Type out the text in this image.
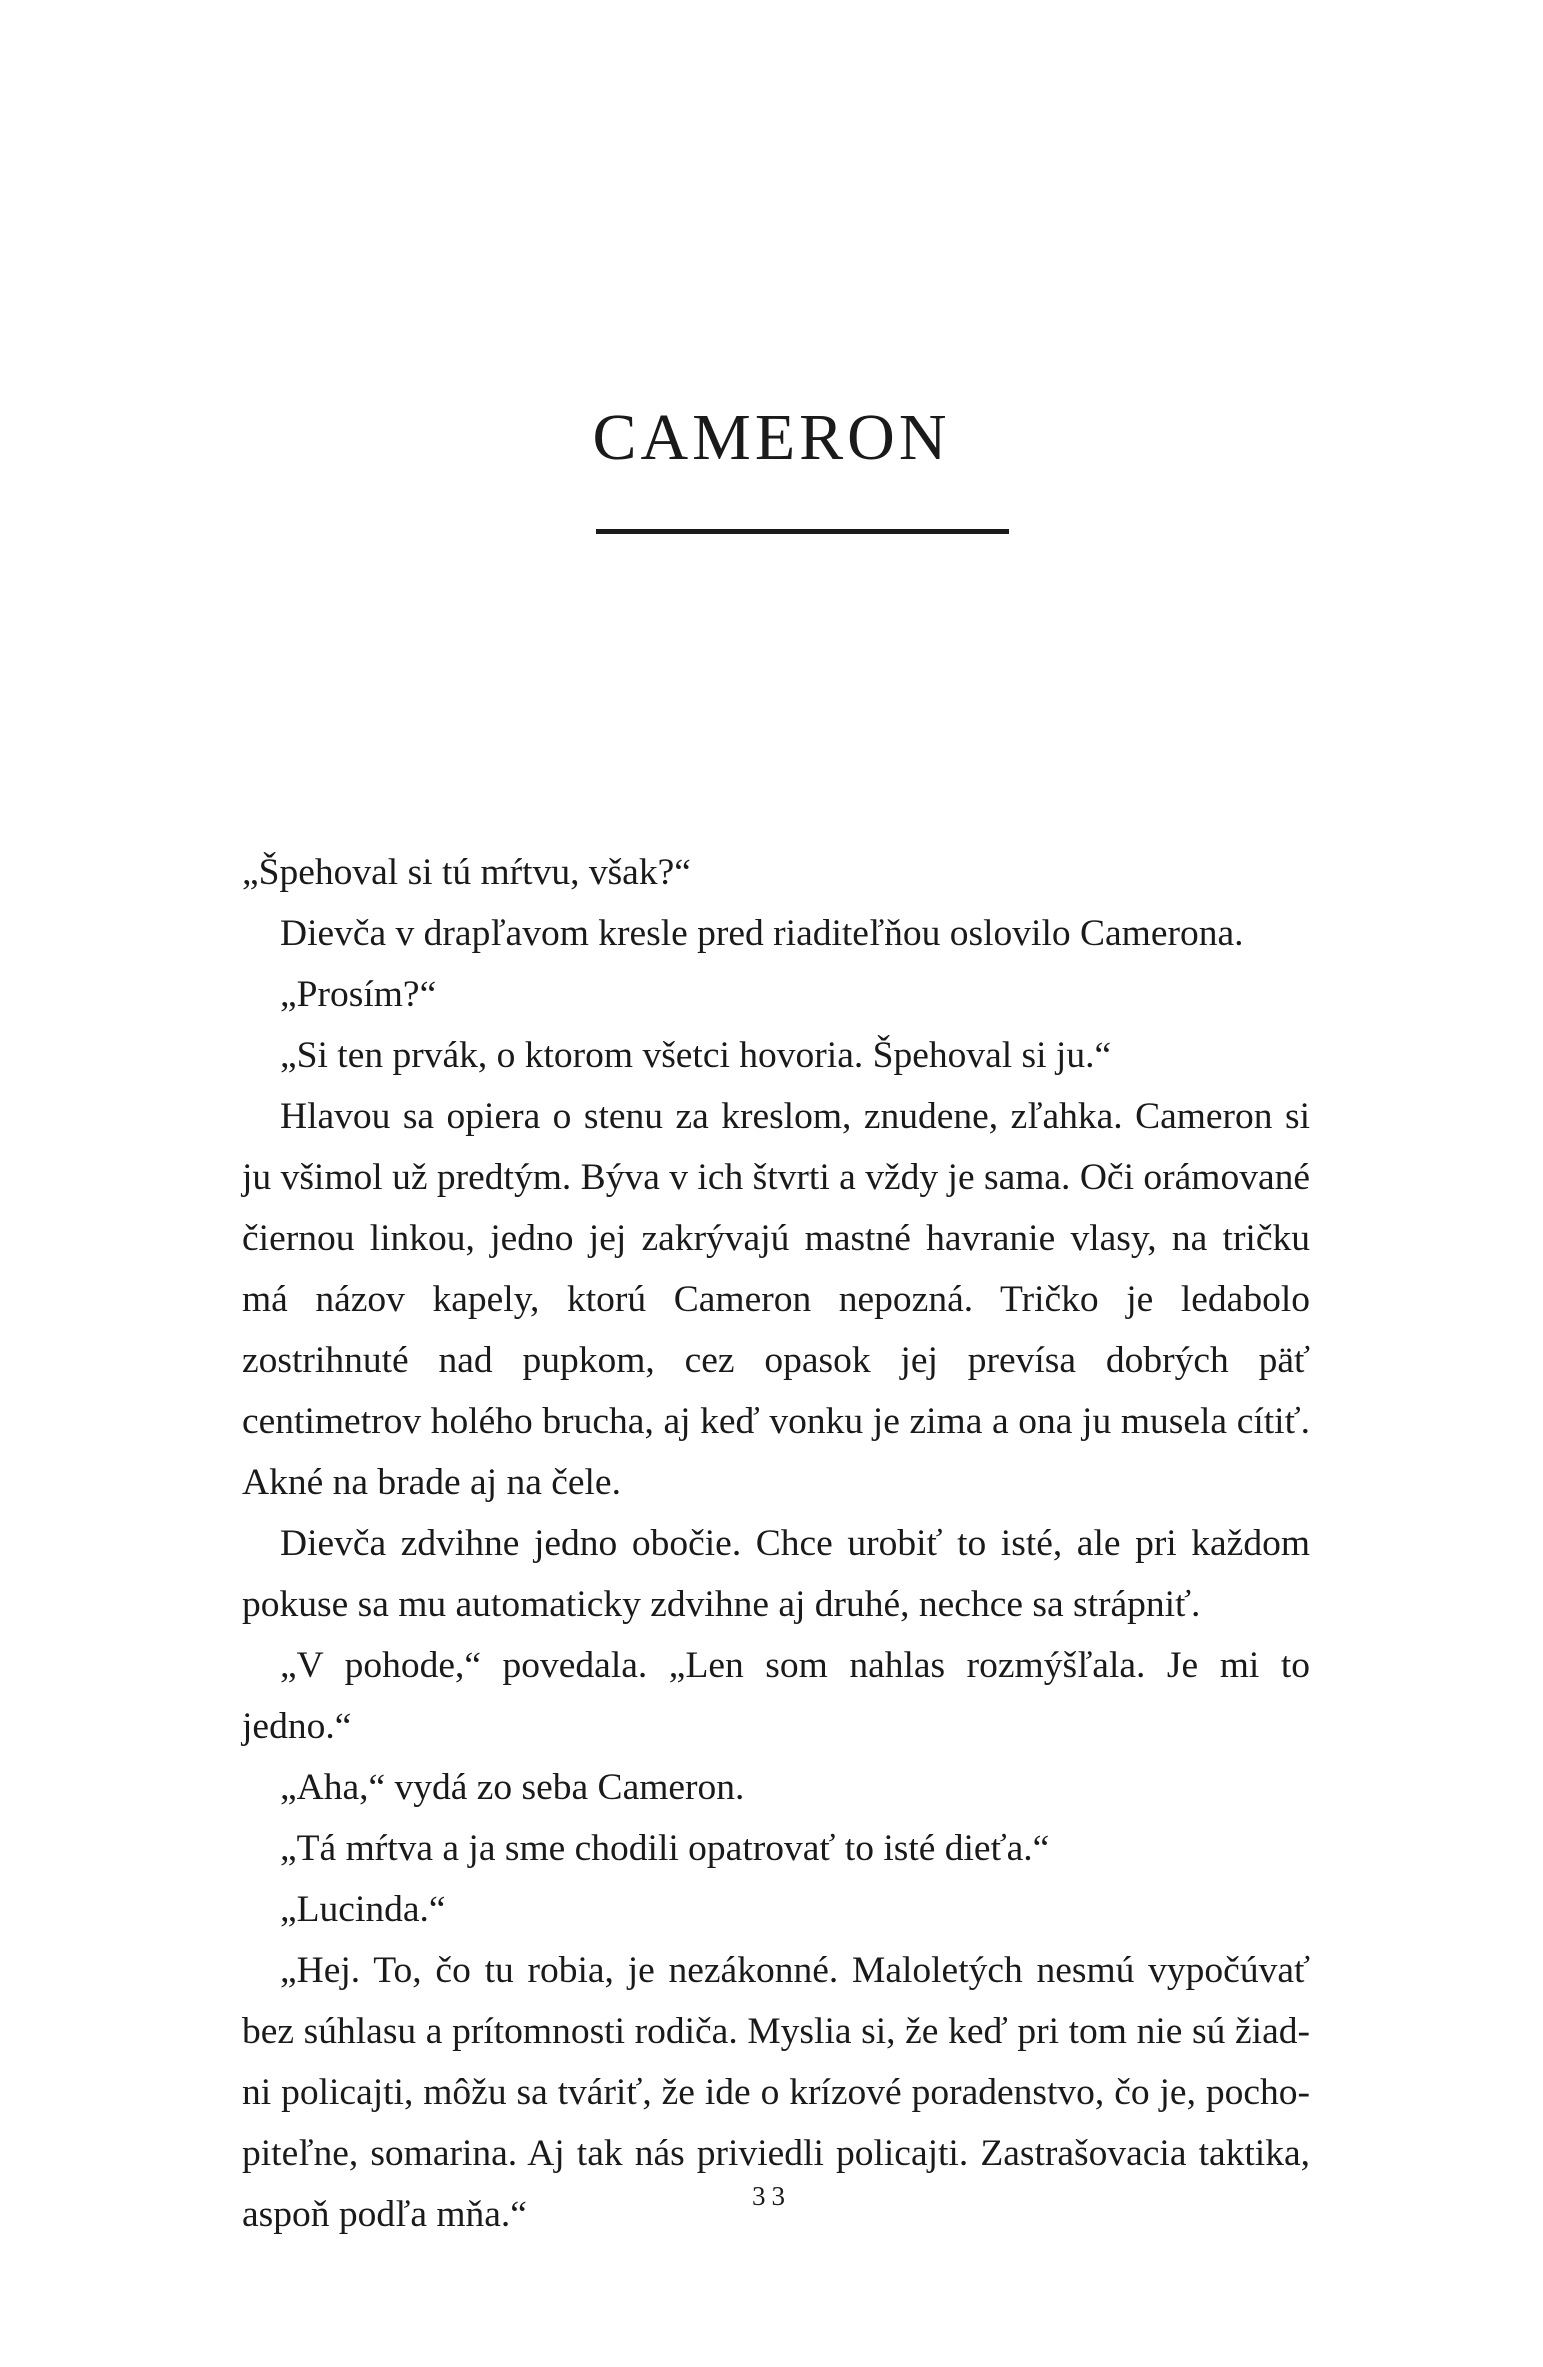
CAMERON

„Špehoval si tú mŕtvu, však?“

Dievča v drapľavom kresle pred riaditeľňou oslovilo Camerona.

„Prosím?“

„Si ten prvák, o ktorom všetci hovoria. Špehoval si ju.“

Hlavou sa opiera o stenu za kreslom, znudene, zľahka. Cameron si ju všimol už predtým. Býva v ich štvrti a vždy je sama. Oči orámované čiernou linkou, jedno jej zakrývajú mastné havranie vlasy, na tričku má názov kapely, ktorú Cameron nepozná. Tričko je ledabolo zostrihnuté nad pupkom, cez opasok jej prevísa dobrých päť centimetrov holého brucha, aj keď vonku je zima a ona ju musela cítiť. Akné na brade aj na čele.

Dievča zdvihne jedno obočie. Chce urobiť to isté, ale pri každom pokuse sa mu automaticky zdvihne aj druhé, nechce sa strápniť.

„V pohode,“ povedala. „Len som nahlas rozmýšľala. Je mi to jedno.“

„Aha,“ vydá zo seba Cameron.

„Tá mŕtva a ja sme chodili opatrovať to isté dieťa.“

„Lucinda.“

„Hej. To, čo tu robia, je nezákonné. Maloletých nesmú vypočúvať bez súhlasu a prítomnosti rodiča. Myslia si, že keď pri tom nie sú žiadni policajti, môžu sa tváriť, že ide o krízové poradenstvo, čo je, pochopiteľne, somarina. Aj tak nás priviedli policajti. Zastrašovacia taktika, aspoň podľa mňa.“	33
